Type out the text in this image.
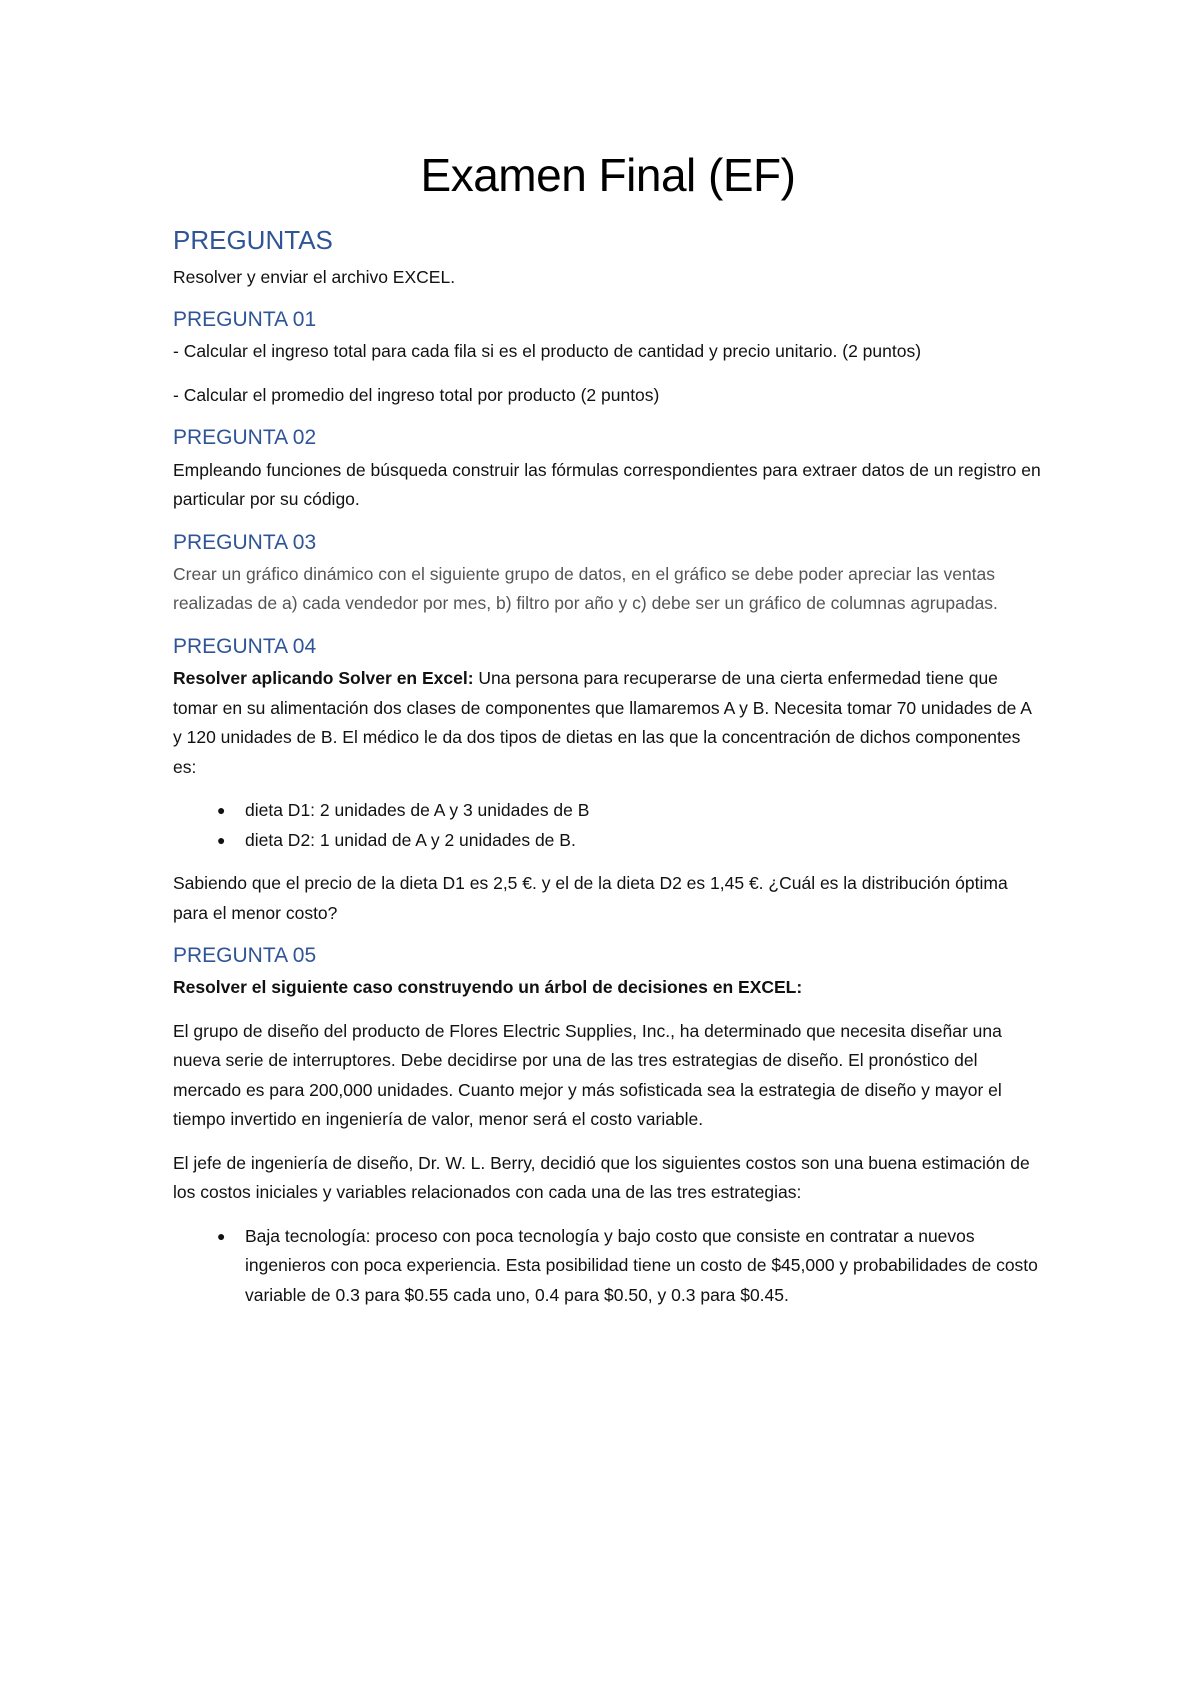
Examen Final (EF)
PREGUNTAS

Resolver y enviar el archivo EXCEL.

PREGUNTA 01

- Calcular el ingreso total para cada fila si es el producto de cantidad y precio unitario. (2 puntos)

- Calcular el promedio del ingreso total por producto (2 puntos)

PREGUNTA 02

Empleando funciones de búsqueda construir las fórmulas correspondientes para extraer datos de un registro en particular por su código.

PREGUNTA 03

Crear un gráfico dinámico con el siguiente grupo de datos, en el gráfico se debe poder apreciar las ventas realizadas de a) cada vendedor por mes, b) filtro por año y c) debe ser un gráfico de columnas agrupadas.

PREGUNTA 04

Resolver aplicando Solver en Excel: Una persona para recuperarse de una cierta enfermedad tiene que tomar en su alimentación dos clases de componentes que llamaremos A y B. Necesita tomar 70 unidades de A y 120 unidades de B. El médico le da dos tipos de dietas en las que la concentración de dichos componentes es:

● dieta D1: 2 unidades de A y 3 unidades de B
● dieta D2: 1 unidad de A y 2 unidades de B.

Sabiendo que el precio de la dieta D1 es 2,5 €. y el de la dieta D2 es 1,45 €. ¿Cuál es la distribución óptima para el menor costo?

PREGUNTA 05

Resolver el siguiente caso construyendo un árbol de decisiones en EXCEL:

El grupo de diseño del producto de Flores Electric Supplies, Inc., ha determinado que necesita diseñar una nueva serie de interruptores. Debe decidirse por una de las tres estrategias de diseño. El pronóstico del mercado es para 200,000 unidades. Cuanto mejor y más sofisticada sea la estrategia de diseño y mayor el tiempo invertido en ingeniería de valor, menor será el costo variable.

El jefe de ingeniería de diseño, Dr. W. L. Berry, decidió que los siguientes costos son una buena estimación de los costos iniciales y variables relacionados con cada una de las tres estrategias:

● Baja tecnología: proceso con poca tecnología y bajo costo que consiste en contratar a nuevos ingenieros con poca experiencia. Esta posibilidad tiene un costo de $45,000 y probabilidades de costo variable de 0.3 para $0.55 cada uno, 0.4 para $0.50, y 0.3 para $0.45.
